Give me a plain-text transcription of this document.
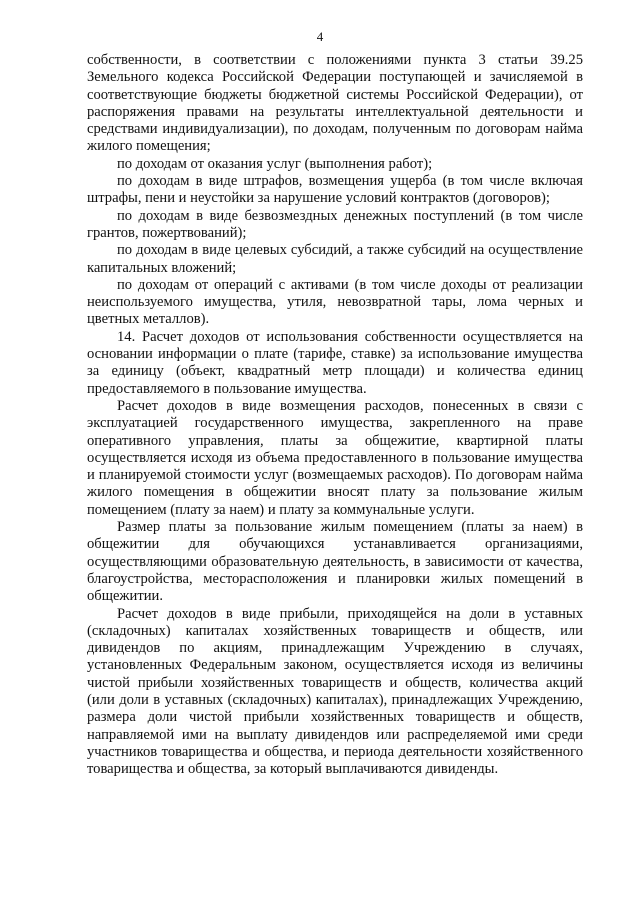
4

собственности, в соответствии с положениями пункта 3 статьи 39.25 Земельного кодекса Российской Федерации поступающей и зачисляемой в соответствующие бюджеты бюджетной системы Российской Федерации), от распоряжения правами на результаты интеллектуальной деятельности и средствами индивидуализации), по доходам, полученным по договорам найма жилого помещения;

по доходам от оказания услуг (выполнения работ);

по доходам в виде штрафов, возмещения ущерба (в том числе включая штрафы, пени и неустойки за нарушение условий контрактов (договоров);

по доходам в виде безвозмездных денежных поступлений (в том числе грантов, пожертвований);

по доходам в виде целевых субсидий, а также субсидий на осуществление капитальных вложений;

по доходам от операций с активами (в том числе доходы от реализации неиспользуемого имущества, утиля, невозвратной тары, лома черных и цветных металлов).

14. Расчет доходов от использования собственности осуществляется на основании информации о плате (тарифе, ставке) за использование имущества за единицу (объект, квадратный метр площади) и количества единиц предоставляемого в пользование имущества.

Расчет доходов в виде возмещения расходов, понесенных в связи с эксплуатацией государственного имущества, закрепленного на праве оперативного управления, платы за общежитие, квартирной платы осуществляется исходя из объема предоставленного в пользование имущества и планируемой стоимости услуг (возмещаемых расходов). По договорам найма жилого помещения в общежитии вносят плату за пользование жилым помещением (плату за наем) и плату за коммунальные услуги.

Размер платы за пользование жилым помещением (платы за наем) в общежитии для обучающихся устанавливается организациями, осуществляющими образовательную деятельность, в зависимости от качества, благоустройства, месторасположения и планировки жилых помещений в общежитии.

Расчет доходов в виде прибыли, приходящейся на доли в уставных (складочных) капиталах хозяйственных товариществ и обществ, или дивидендов по акциям, принадлежащим Учреждению в случаях, установленных Федеральным законом, осуществляется исходя из величины чистой прибыли хозяйственных товариществ и обществ, количества акций (или доли в уставных (складочных) капиталах), принадлежащих Учреждению, размера доли чистой прибыли хозяйственных товариществ и обществ, направляемой ими на выплату дивидендов или распределяемой ими среди участников товарищества и общества, и периода деятельности хозяйственного товарищества и общества, за который выплачиваются дивиденды.
